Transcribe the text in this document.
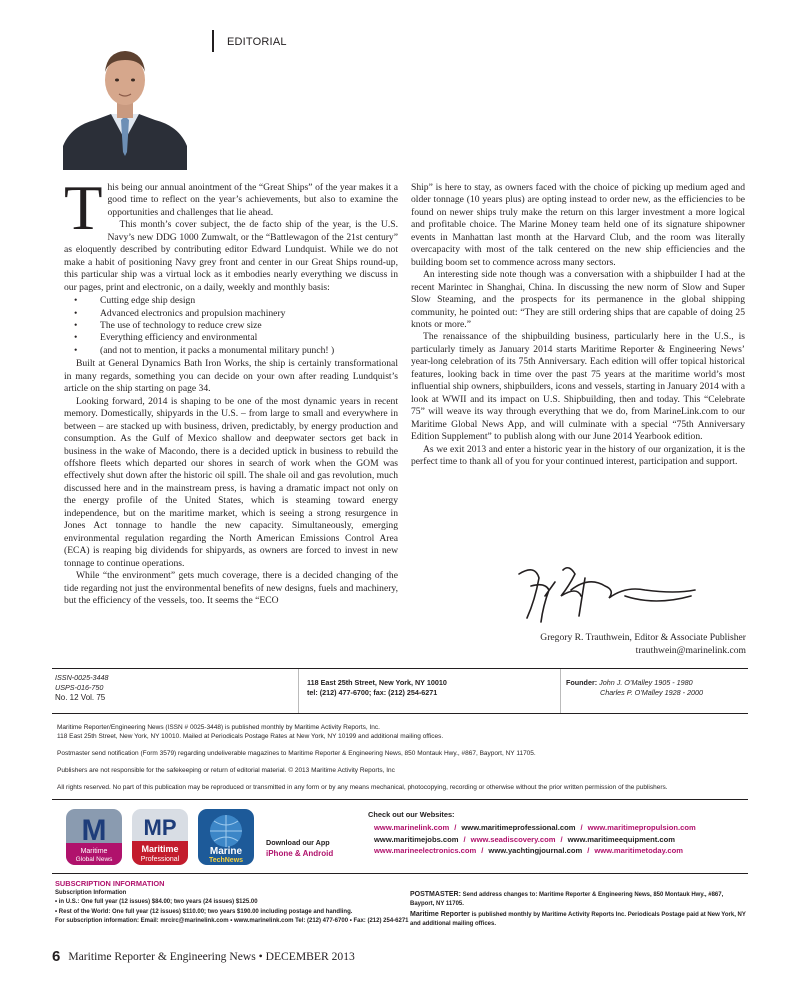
EDITORIAL
T his being our annual anointment of the “Great Ships” of the year makes it a good time to reflect on the year’s achievements, but also to examine the opportunities and challenges that lie ahead.

This month’s cover subject, the de facto ship of the year, is the U.S. Navy’s new DDG 1000 Zumwalt, or the “Battlewagon of the 21st century” as eloquently described by contributing editor Edward Lundquist. While we do not make a habit of positioning Navy grey front and center in our Great Ships round-up, this particular ship was a virtual lock as it embodies nearly everything we discuss in our pages, print and electronic, on a daily, weekly and monthly basis:

• Cutting edge ship design
• Advanced electronics and propulsion machinery
• The use of technology to reduce crew size
• Everything efficiency and environmental
• (and not to mention, it packs a monumental military punch! )

Built at General Dynamics Bath Iron Works, the ship is certainly transformational in many regards, something you can decide on your own after reading Lundquist’s article on the ship starting on page 34.

Looking forward, 2014 is shaping to be one of the most dynamic years in recent memory. Domestically, shipyards in the U.S. – from large to small and everywhere in between – are stacked up with business, driven, predictably, by energy production and consumption. As the Gulf of Mexico shallow and deepwater sectors get back in business in the wake of Macondo, there is a decided uptick in business to rebuild the offshore fleets which departed our shores in search of work when the GOM was effectively shut down after the historic oil spill. The shale oil and gas revolution, much discussed here and in the mainstream press, is having a dramatic impact not only on the energy profile of the United States, which is steaming toward energy independence, but on the maritime market, which is seeing a strong resurgence in Jones Act tonnage to handle the new capacity. Simultaneously, emerging environmental regulation regarding the North American Emissions Control Area (ECA) is reaping big dividends for shipyards, as owners are forced to invest in new tonnage to continue operations.

While “the environment” gets much coverage, there is a decided changing of the tide regarding not just the environmental benefits of new designs, fuels and machinery, but the efficiency of the vessels, too. It seems the “ECO

Ship” is here to stay, as owners faced with the choice of picking up medium aged and older tonnage (10 years plus) are opting instead to order new, as the efficiencies to be found on newer ships truly make the return on this larger investment a more logical and profitable choice. The Marine Money team held one of its signature shipowner events in Manhattan last month at the Harvard Club, and the room was literally overcapacity with most of the talk centered on the new ship efficiencies and the building boom set to commence across many sectors.

An interesting side note though was a conversation with a shipbuilder I had at the recent Marintec in Shanghai, China. In discussing the new norm of Slow and Super Slow Steaming, and the prospects for its permanence in the global shipping community, he pointed out: “They are still ordering ships that are capable of doing 25 knots or more.”

The renaissance of the shipbuilding business, particularly here in the U.S., is particularly timely as January 2014 starts Maritime Reporter & Engineering News’ year-long celebration of its 75th Anniversary. Each edition will offer topical historical features, looking back in time over the past 75 years at the maritime world’s most influential ship owners, shipbuilders, icons and vessels, starting in January 2014 with a look at WWII and its impact on U.S. Shipbuilding, then and today. This “Celebrate 75” will weave its way through everything that we do, from MarineLink.com to our Maritime Global News App, and will culminate with a special “75th Anniversary Edition Supplement” to publish along with our June 2014 Yearbook edition.

As we exit 2013 and enter a historic year in the history of our organization, it is the perfect time to thank all of you for your continued interest, participation and support.

Gregory R. Trauthwein, Editor & Associate Publisher
trauthwein@marinelink.com
ISSN-0025-3448
USPS-016-750
No. 12 Vol. 75
118 East 25th Street, New York, NY 10010
tel: (212) 477-6700; fax: (212) 254-6271
Founder: John J. O’Malley 1905 - 1980
Charles P. O’Malley 1928 - 2000

Maritime Reporter/Engineering News (ISSN # 0025-3448) is published monthly by Maritime Activity Reports, Inc.
118 East 25th Street, New York, NY 10010. Mailed at Periodicals Postage Rates at New York, NY 10199 and additional mailing offices.

Postmaster send notification (Form 3579) regarding undeliverable magazines to Maritime Reporter & Engineering News, 850 Montauk Hwy., #867, Bayport, NY 11705.

Publishers are not responsible for the safekeeping or return of editorial material. © 2013 Maritime Activity Reports, Inc

All rights reserved. No part of this publication may be reproduced or transmitted in any form or by any means mechanical, photocopying, recording or otherwise without the prior written permission of the publishers.

M
Maritime
Global News
MP
Maritime
Professional
Marine
TechNews
Download our App
iPhone & Android
Check out our Websites:
www.marinelink.com / www.maritimeprofessional.com / www.maritimepropulsion.com
www.maritimejobs.com / www.seadiscovery.com / www.maritimeequipment.com
www.marineelectronics.com / www.yachtingjournal.com / www.maritimetoday.com
SUBSCRIPTION INFORMATION
Subscription Information
• in U.S.: One full year (12 issues) $84.00; two years (24 issues) $125.00
• Rest of the World: One full year (12 issues) $110.00; two years $190.00 including postage and handling.
For subscription information: Email: mrcirc@marinelink.com • www.marinelink.com Tel: (212) 477-6700 • Fax: (212) 254-6271
POSTMASTER: Send address changes to: Maritime Reporter & Engineering News, 850 Montauk Hwy., #867, Bayport, NY 11705.
Maritime Reporter is published monthly by Maritime Activity Reports Inc. Periodicals Postage paid at New York, NY and additional mailing offices.
6 Maritime Reporter & Engineering News • DECEMBER 2013
